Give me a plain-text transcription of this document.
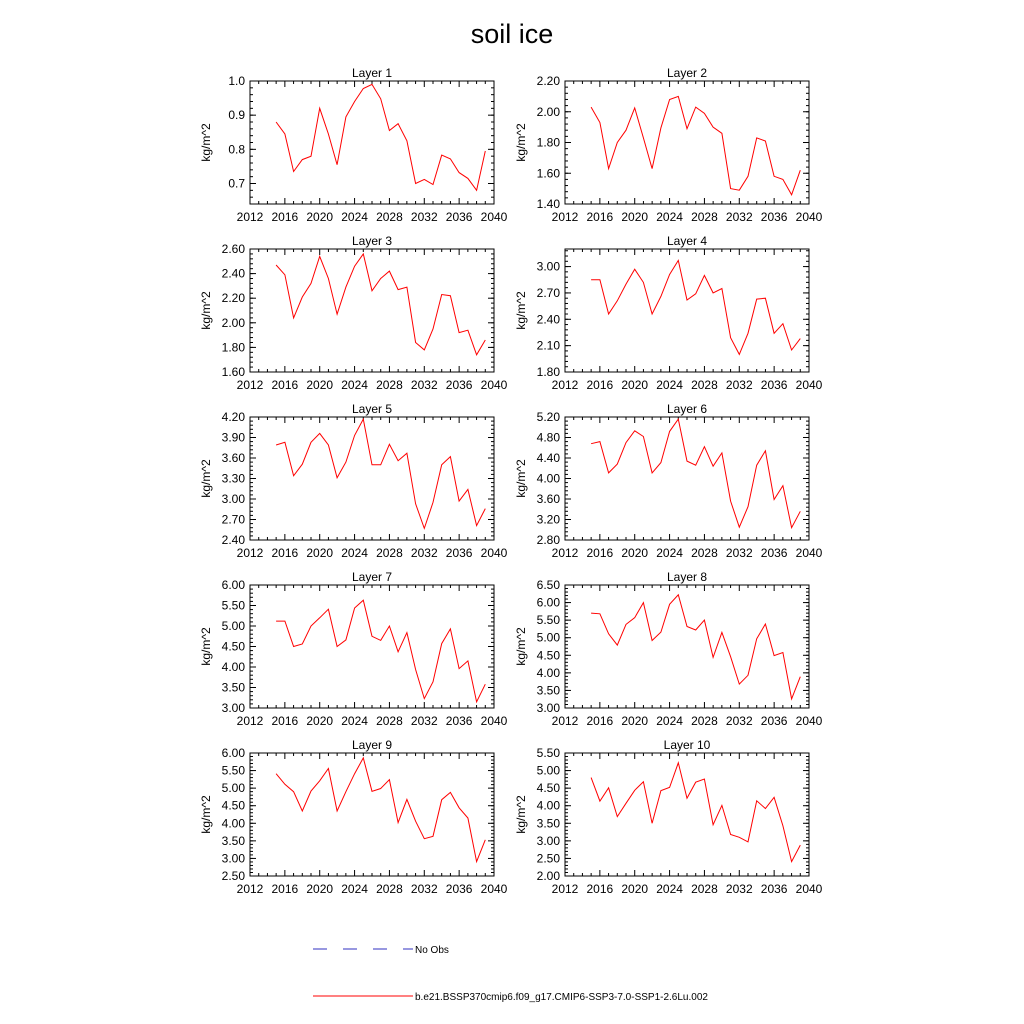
soil ice
Layer 1
kg/m^2
2012 2016 2020 2024 2028 2032 2036 2040
0.7
0.8
0.9
1.0
Layer 2
kg/m^2
2012 2016 2020 2024 2028 2032 2036 2040
1.40
1.60
1.80
2.00
2.20
Layer 3
kg/m^2
2012 2016 2020 2024 2028 2032 2036 2040
1.60
1.80
2.00
2.20
2.40
2.60
Layer 4
kg/m^2
2012 2016 2020 2024 2028 2032 2036 2040
1.80
2.10
2.40
2.70
3.00
Layer 5
kg/m^2
2012 2016 2020 2024 2028 2032 2036 2040
2.40
2.70
3.00
3.30
3.60
3.90
4.20
Layer 6
kg/m^2
2012 2016 2020 2024 2028 2032 2036 2040
2.80
3.20
3.60
4.00
4.40
4.80
5.20
Layer 7
kg/m^2
2012 2016 2020 2024 2028 2032 2036 2040
3.00
3.50
4.00
4.50
5.00
5.50
6.00
Layer 8
kg/m^2
2012 2016 2020 2024 2028 2032 2036 2040
3.00
3.50
4.00
4.50
5.00
5.50
6.00
6.50
Layer 9
kg/m^2
2012 2016 2020 2024 2028 2032 2036 2040
2.50
3.00
3.50
4.00
4.50
5.00
5.50
6.00
Layer 10
kg/m^2
2012 2016 2020 2024 2028 2032 2036 2040
2.00
2.50
3.00
3.50
4.00
4.50
5.00
5.50
No Obs
b.e21.BSSP370cmip6.f09_g17.CMIP6-SSP3-7.0-SSP1-2.6Lu.002
